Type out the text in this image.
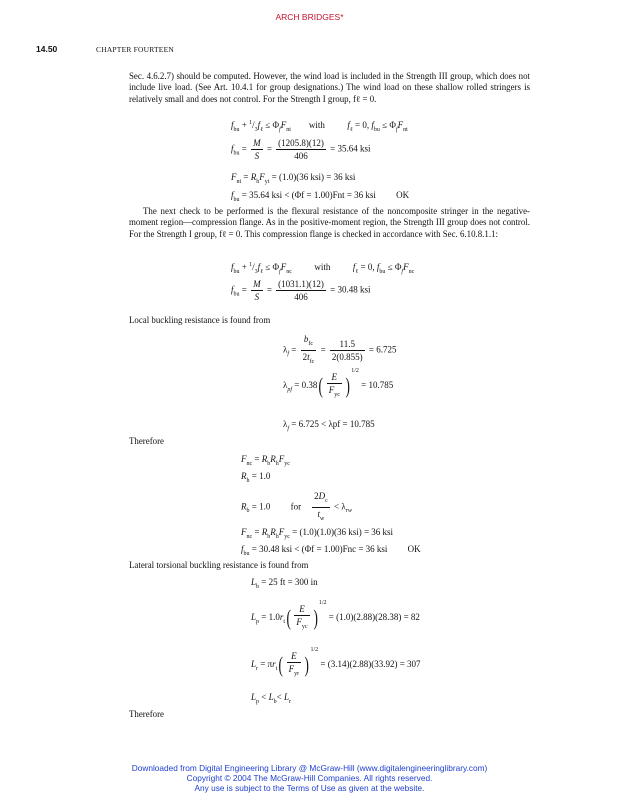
ARCH BRIDGES*
14.50	CHAPTER FOURTEEN
Sec. 4.6.2.7) should be computed. However, the wind load is included in the Strength III group, which does not include live load. (See Art. 10.4.1 for group designations.) The wind load on these shallow rolled stringers is relatively small and does not control. For the Strength I group, fℓ = 0.
$f_{bu} + ^1/_3f_\ell \le \Phi_fF_{nt}$ with	$f_\ell = 0$, $f_{bu} \le \Phi_fF_{nt}$
$f_{bu} = \frac{M}{S} = \frac{(1205.8)(12)}{406} = 35.64$ ksi
$F_{nt} = R_hF_{yt} = (1.0)(36$ ksi) = 36 ksi
$f_{bu} = 35.64$ ksi < (Φf = 1.00)Fnt = 36 ksi OK
The next check to be performed is the flexural resistance of the noncomposite stringer in the negative-moment region—compression flange. As in the positive-moment region, the Strength III group does not control. For the Strength I group, fℓ = 0. This compression flange is checked in accordance with Sec. 6.10.8.1.1:
$f_{bu} + ^1/_3f_\ell \le \Phi_fF_{nc}$	with	$f_\ell = 0$, $f_{bu} \le \Phi_fF_{nc}$
$f_{bu} = \frac{M}{S} = \frac{(1031.1)(12)}{406} = 30.48$ ksi
Local buckling resistance is found from
$\lambda_f = \frac{b_{fc}}{2t_{fc}} = \frac{11.5}{2(0.855)} = 6.725$
$\lambda_{pf} = 0.38( \frac{E}{F_{yc}} )^{1/2} = 10.785$
$\lambda_f = 6.725 < \lambda pf = 10.785$
Therefore
$F_{nc} = R_bR_hF_{yc}$
$R_h = 1.0$
$R_b = 1.0$ for $\frac{2D_c}{t_w} < \lambda_{rw}$
$F_{nc} = R_bR_hF_{yc} = (1.0)(1.0)(36$ ksi) = 36 ksi
$f_{bu} = 30.48$ ksi < (Φf = 1.00)Fnc = 36 ksi OK
Lateral torsional buckling resistance is found from
$L_b = 25$ ft = 300 in
$L_p = 1.0r_t( \frac{E}{F_{yc}} )^{1/2} = (1.0)(2.88)(28.38) = 82$
$L_r = \pi r_t( \frac{E}{F_{yr}} )^{1/2} = (3.14)(2.88)(33.92) = 307$
$L_p < L_b< L_r$
Therefore
Downloaded from Digital Engineering Library @ McGraw-Hill (www.digitalengineeringlibrary.com)
Copyright © 2004 The McGraw-Hill Companies. All rights reserved.
Any use is subject to the Terms of Use as given at the website.
